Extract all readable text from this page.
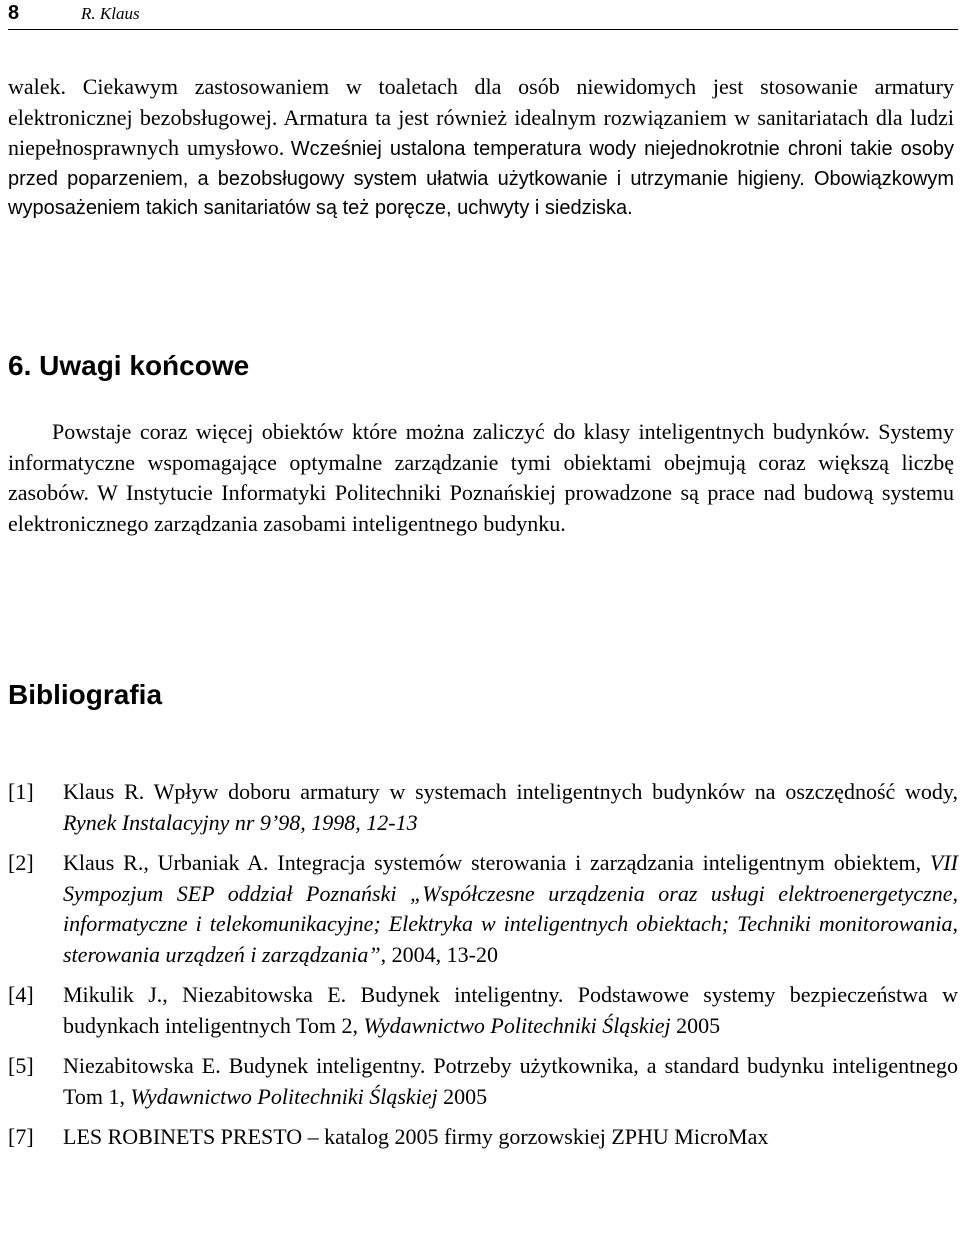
8	R. Klaus

walek. Ciekawym zastosowaniem w toaletach dla osób niewidomych jest stosowanie armatury elektronicznej bezobsługowej. Armatura ta jest również idealnym rozwiązaniem w sanitariatach dla ludzi niepełnosprawnych umysłowo. Wcześniej ustalona temperatura wody niejednokrotnie chroni takie osoby przed poparzeniem, a bezobsługowy system ułatwia użytkowanie i utrzymanie higieny. Obowiązkowym wyposażeniem takich sanitariatów są też poręcze, uchwyty i siedziska.

6. Uwagi końcowe

Powstaje coraz więcej obiektów które można zaliczyć do klasy inteligentnych budynków. Systemy informatyczne wspomagające optymalne zarządzanie tymi obiektami obejmują coraz większą liczbę zasobów. W Instytucie Informatyki Politechniki Poznańskiej prowadzone są prace nad budową systemu elektronicznego zarządzania zasobami inteligentnego budynku.

Bibliografia
[1] Klaus R. Wpływ doboru armatury w systemach inteligentnych budynków na oszczędność wody, Rynek Instalacyjny nr 9’98, 1998, 12-13
[2] Klaus R., Urbaniak A. Integracja systemów sterowania i zarządzania inteligentnym obiektem, VII Sympozjum SEP oddział Poznański „Współczesne urządzenia oraz usługi elektroenergetyczne, informatyczne i telekomunikacyjne; Elektryka w inteligentnych obiektach; Techniki monitorowania, sterowania urządzeń i zarządzania”, 2004, 13-20
[4] Mikulik J., Niezabitowska E. Budynek inteligentny. Podstawowe systemy bezpieczeństwa w budynkach inteligentnych Tom 2, Wydawnictwo Politechniki Śląskiej 2005
[5] Niezabitowska E. Budynek inteligentny. Potrzeby użytkownika, a standard budynku inteligentnego Tom 1, Wydawnictwo Politechniki Śląskiej 2005
[7] LES ROBINETS PRESTO – katalog 2005 firmy gorzowskiej ZPHU MicroMax
